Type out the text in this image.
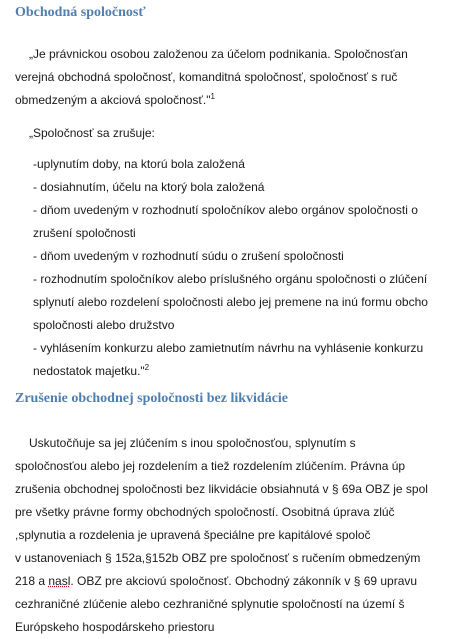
Obchodná spoločnosť
„Je právnickou osobou založenou za účelom podnikania. Spoločnosťan
verejná obchodná spoločnosť, komanditná spoločnosť, spoločnosť s ruč
obmedzeným a akciová spoločnosť."$^1$
„Spoločnosť sa zrušuje:
-uplynutím doby, na ktorú bola založená
- dosiahnutím, účelu na ktorý bola založená
- dňom uvedeným v rozhodnutí spoločníkov alebo orgánov spoločnosti o
zrušení spoločnosti
- dňom uvedeným v rozhodnutí súdu o zrušení spoločnosti
- rozhodnutím spoločníkov alebo príslušného orgánu spoločnosti o zlúčení
splynutí alebo rozdelení spoločnosti alebo jej premene na inú formu obcho
spoločnosti alebo družstvo
- vyhlásením konkurzu alebo zamietnutím návrhu na vyhlásenie konkurzu
nedostatok majetku."$^2$
Zrušenie obchodnej spoločnosti bez likvidácie
Uskutočňuje sa jej zlúčením s inou spoločnosťou, splynutím s
spoločnosťou alebo jej rozdelením a tiež rozdelením zlúčením. Právna úp
zrušenia obchodnej spoločnosti bez likvidácie obsiahnutá v § 69a OBZ je spol
pre všetky právne formy obchodných spoločností. Osobitná úprava zlúč
,splynutia a rozdelenia je upravená špeciálne pre kapitálové spoloč
v ustanoveniach § 152a,§152b OBZ pre spoločnosť s ručením obmedzeným
218 a nasl. OBZ pre akciovú spoločnosť. Obchodný zákonník v § 69 upravu
cezhraničné zlúčenie alebo cezhraničné splynutie spoločností na území š
Európskeho hospodárskeho priestoru
